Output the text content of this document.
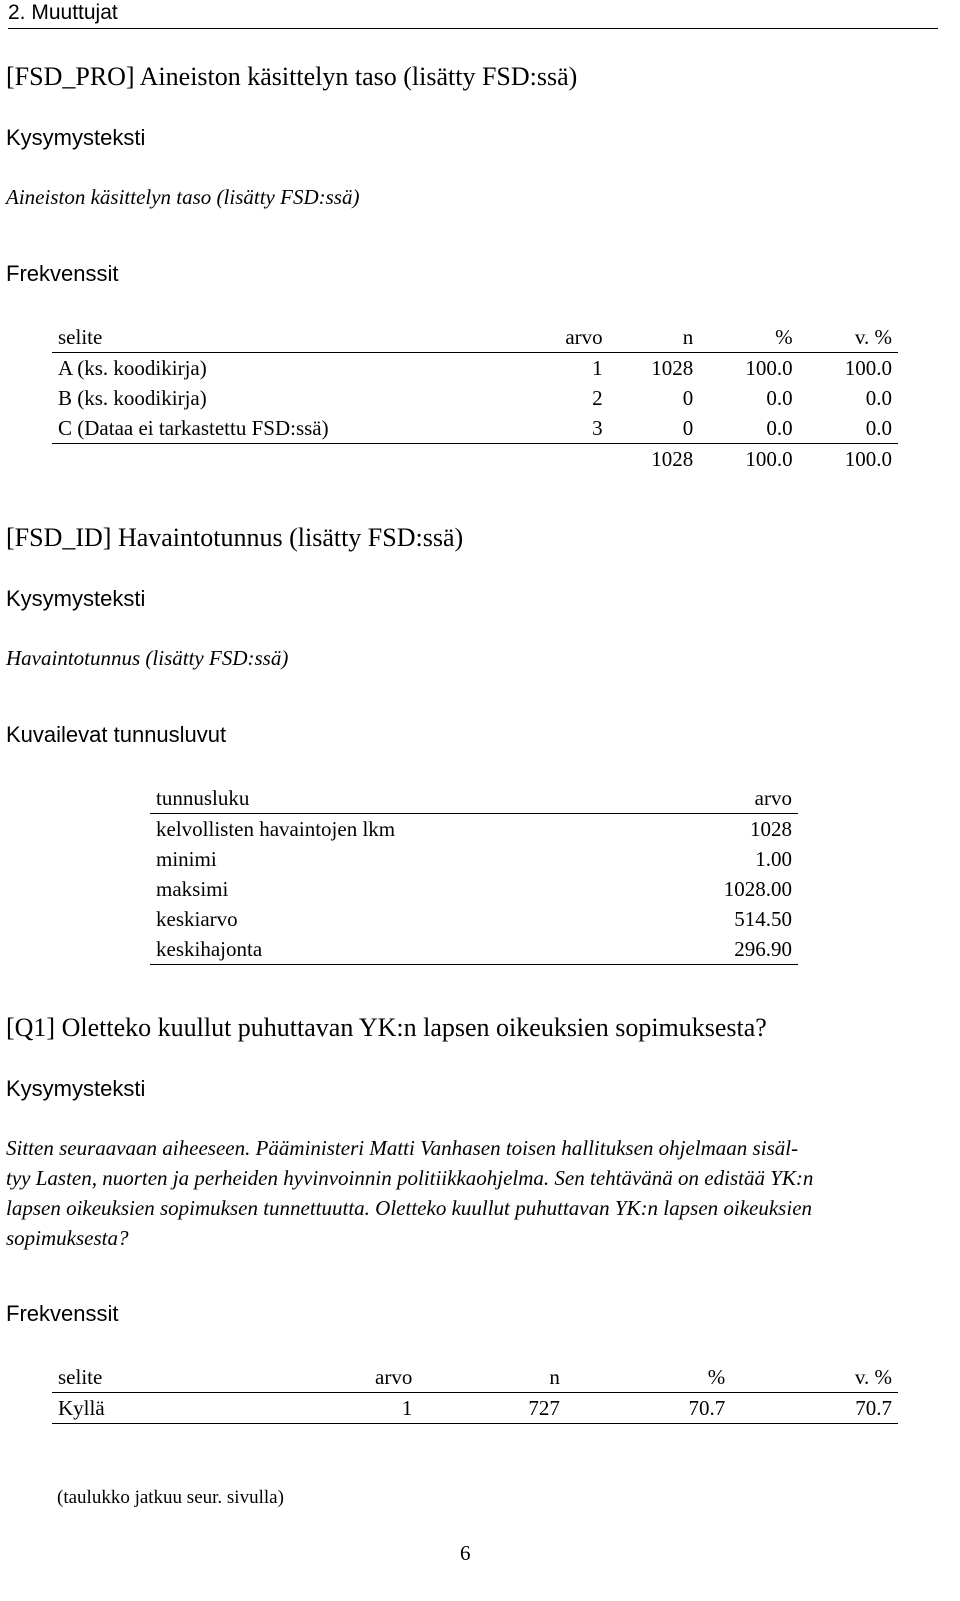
2. Muuttujat
[FSD_PRO] Aineiston käsittelyn taso (lisätty FSD:ssä)
Kysymysteksti
Aineiston käsittelyn taso (lisätty FSD:ssä)
Frekvenssit
selite	arvo	n	%	v. %
A (ks. koodikirja)	1	1028	100.0	100.0
B (ks. koodikirja)	2	0	0.0	0.0
C (Dataa ei tarkastettu FSD:ssä)	3	0	0.0	0.0
		1028	100.0	100.0
[FSD_ID] Havaintotunnus (lisätty FSD:ssä)
Kysymysteksti
Havaintotunnus (lisätty FSD:ssä)
Kuvailevat tunnusluvut
tunnusluku	arvo
kelvollisten havaintojen lkm	1028
minimi	1.00
maksimi	1028.00
keskiarvo	514.50
keskihajonta	296.90
[Q1] Oletteko kuullut puhuttavan YK:n lapsen oikeuksien sopimuksesta?
Kysymysteksti
Sitten seuraavaan aiheeseen. Pääministeri Matti Vanhasen toisen hallituksen ohjelmaan sisäl-
tyy Lasten, nuorten ja perheiden hyvinvoinnin politiikkaohjelma. Sen tehtävänä on edistää YK:n
lapsen oikeuksien sopimuksen tunnettuutta. Oletteko kuullut puhuttavan YK:n lapsen oikeuksien
sopimuksesta?
Frekvenssit
selite	arvo	n	%	v. %
Kyllä	1	727	70.7	70.7
(taulukko jatkuu seur. sivulla)
6
